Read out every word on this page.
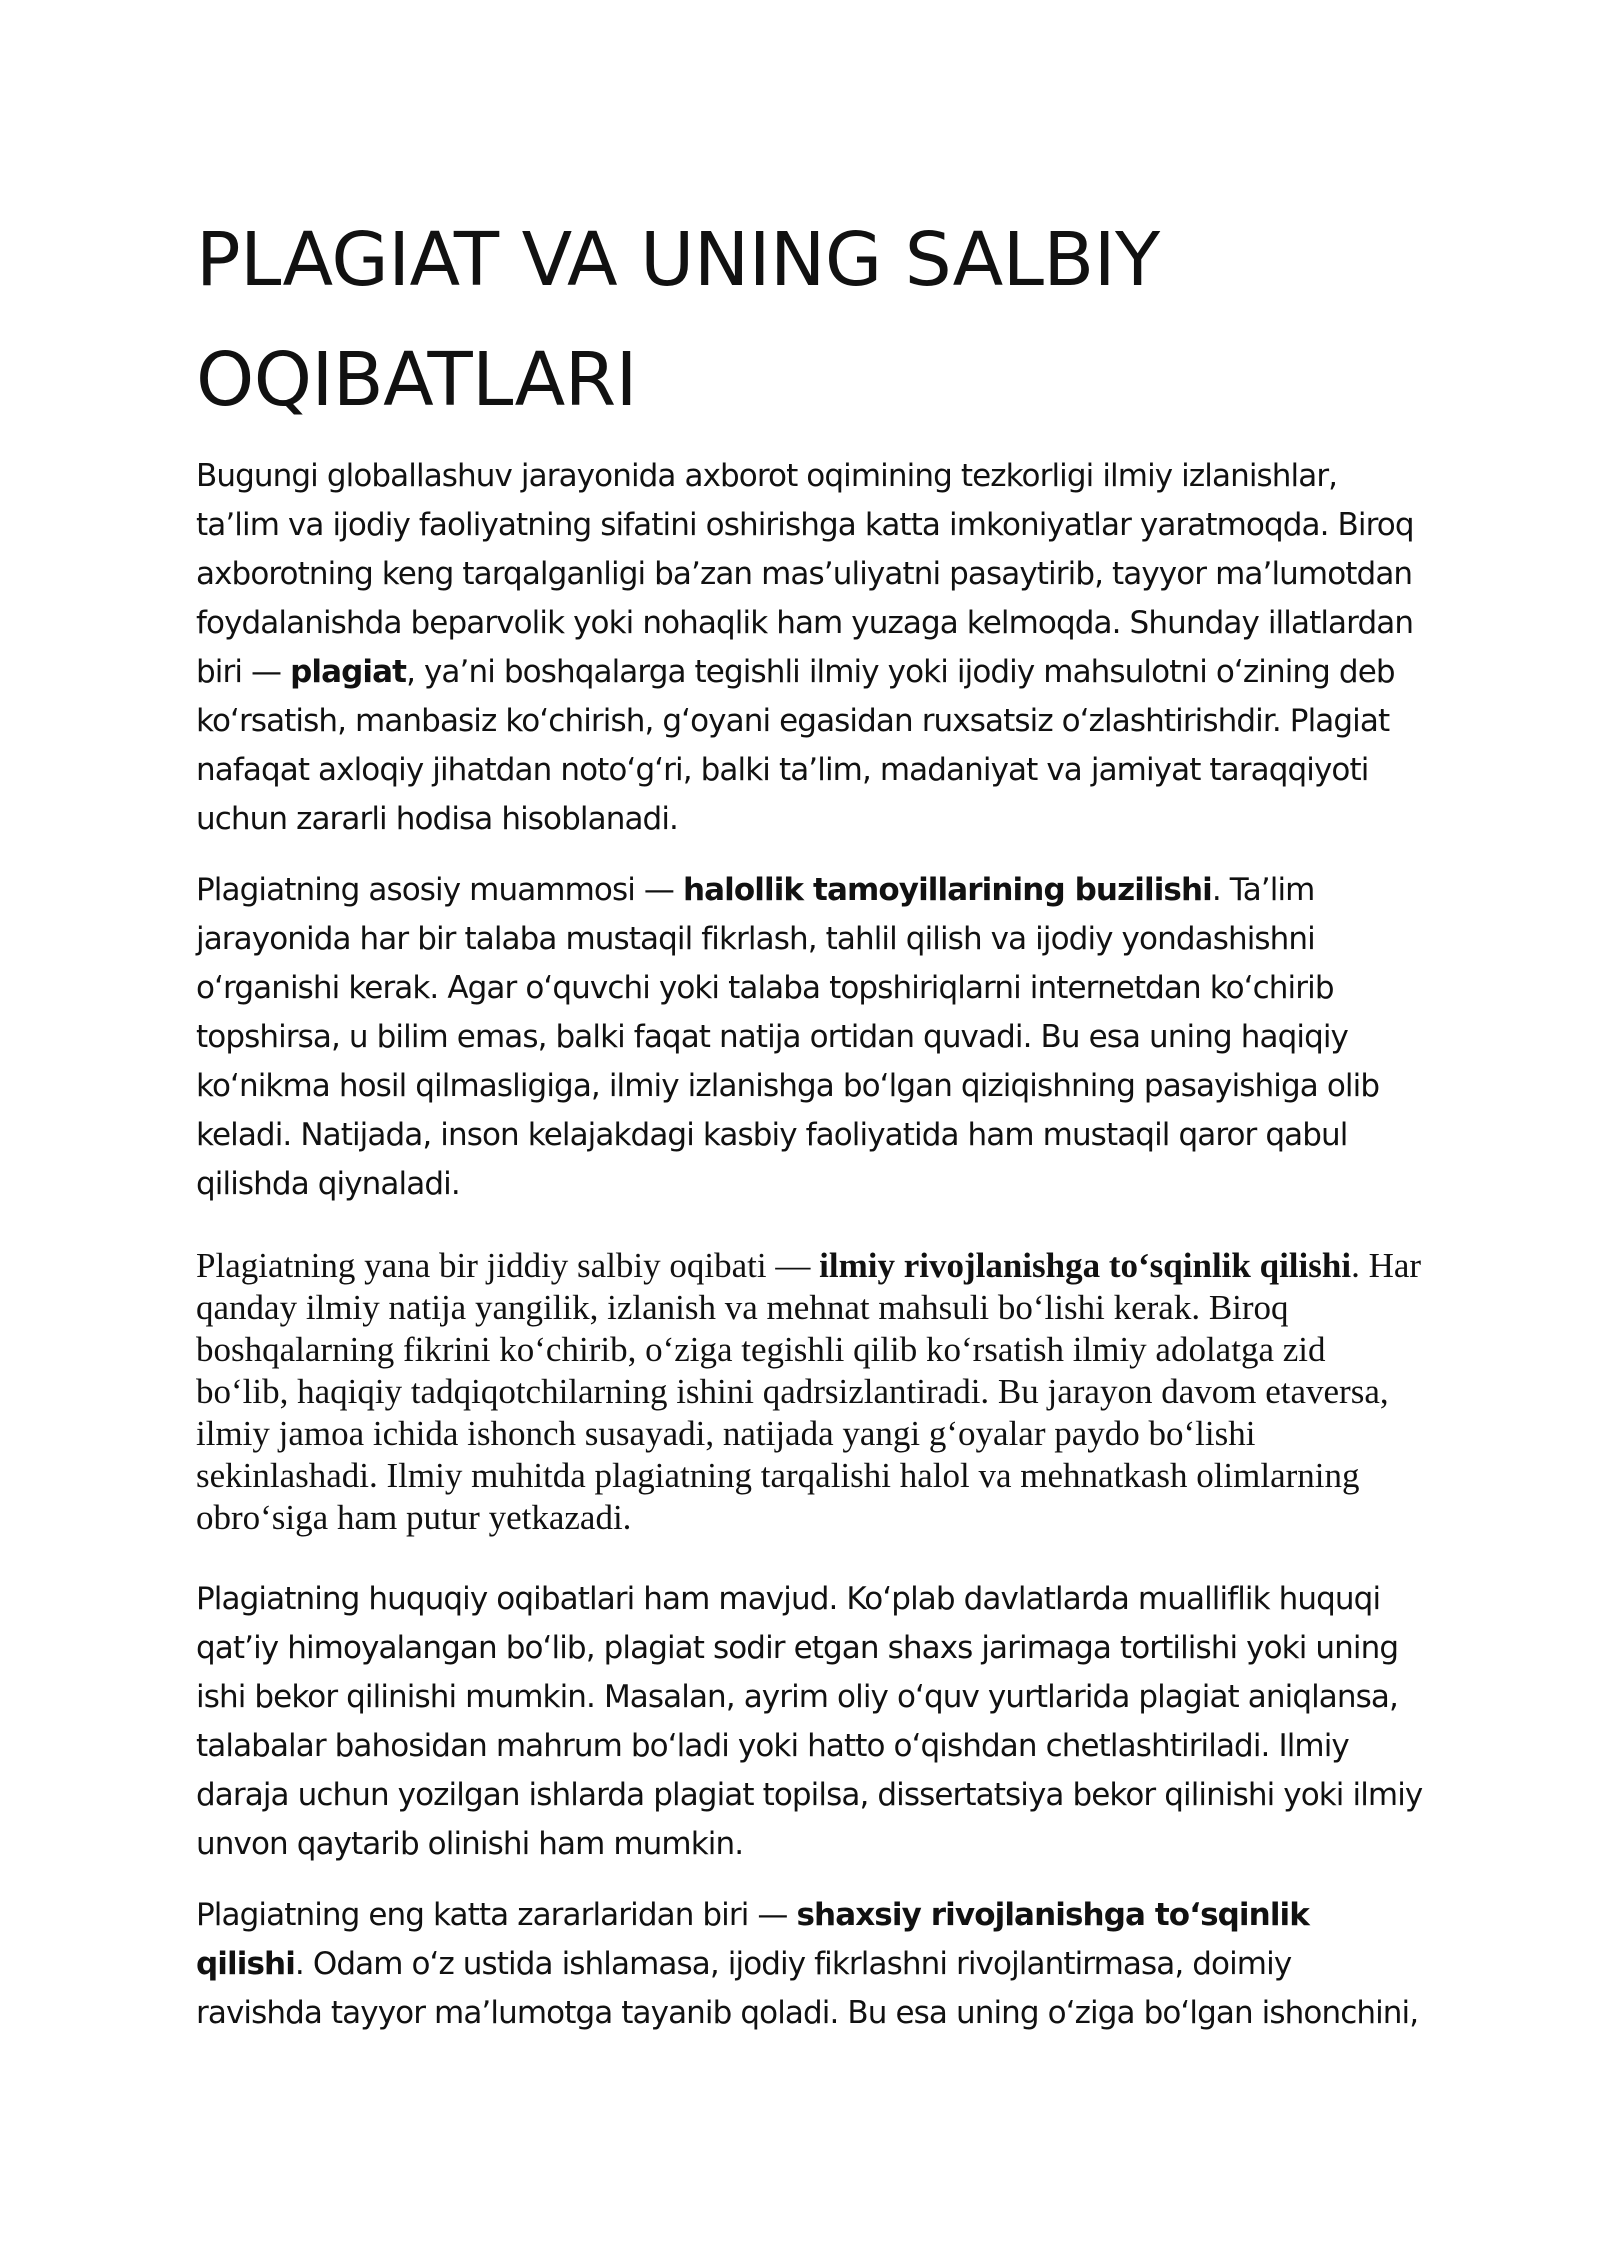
PLAGIAT VA UNING SALBIY OQIBATLARI

Bugungi globallashuv jarayonida axborot oqimining tezkorligi ilmiy izlanishlar, ta’lim va ijodiy faoliyatning sifatini oshirishga katta imkoniyatlar yaratmoqda. Biroq axborotning keng tarqalganligi ba’zan mas’uliyatni pasaytirib, tayyor ma’lumotdan foydalanishda beparvolik yoki nohaqlik ham yuzaga kelmoqda. Shunday illatlardan biri — plagiat, ya’ni boshqalarga tegishli ilmiy yoki ijodiy mahsulotni o‘zining deb ko‘rsatish, manbasiz ko‘chirish, g‘oyani egasidan ruxsatsiz o‘zlashtirishdir. Plagiat nafaqat axloqiy jihatdan noto‘g‘ri, balki ta’lim, madaniyat va jamiyat taraqqiyoti uchun zararli hodisa hisoblanadi.

Plagiatning asosiy muammosi — halollik tamoyillarining buzilishi. Ta’lim jarayonida har bir talaba mustaqil fikrlash, tahlil qilish va ijodiy yondashishni o‘rganishi kerak. Agar o‘quvchi yoki talaba topshiriqlarni internetdan ko‘chirib topshirsa, u bilim emas, balki faqat natija ortidan quvadi. Bu esa uning haqiqiy ko‘nikma hosil qilmasligiga, ilmiy izlanishga bo‘lgan qiziqishning pasayishiga olib keladi. Natijada, inson kelajakdagi kasbiy faoliyatida ham mustaqil qaror qabul qilishda qiynaladi.

Plagiatning yana bir jiddiy salbiy oqibati — ilmiy rivojlanishga to‘sqinlik qilishi. Har qanday ilmiy natija yangilik, izlanish va mehnat mahsuli bo‘lishi kerak. Biroq boshqalarning fikrini ko‘chirib, o‘ziga tegishli qilib ko‘rsatish ilmiy adolatga zid bo‘lib, haqiqiy tadqiqotchilarning ishini qadrsizlantiradi. Bu jarayon davom etaversa, ilmiy jamoa ichida ishonch susayadi, natijada yangi g‘oyalar paydo bo‘lishi sekinlashadi. Ilmiy muhitda plagiatning tarqalishi halol va mehnatkash olimlarning obro‘siga ham putur yetkazadi.

Plagiatning huquqiy oqibatlari ham mavjud. Ko‘plab davlatlarda mualliflik huquqi qat’iy himoyalangan bo‘lib, plagiat sodir etgan shaxs jarimaga tortilishi yoki uning ishi bekor qilinishi mumkin. Masalan, ayrim oliy o‘quv yurtlarida plagiat aniqlansa, talabalar bahosidan mahrum bo‘ladi yoki hatto o‘qishdan chetlashtiriladi. Ilmiy daraja uchun yozilgan ishlarda plagiat topilsa, dissertatsiya bekor qilinishi yoki ilmiy unvon qaytarib olinishi ham mumkin.

Plagiatning eng katta zararlaridan biri — shaxsiy rivojlanishga to‘sqinlik qilishi. Odam o‘z ustida ishlamasa, ijodiy fikrlashni rivojlantirmasa, doimiy ravishda tayyor ma’lumotga tayanib qoladi. Bu esa uning o‘ziga bo‘lgan ishonchini,
